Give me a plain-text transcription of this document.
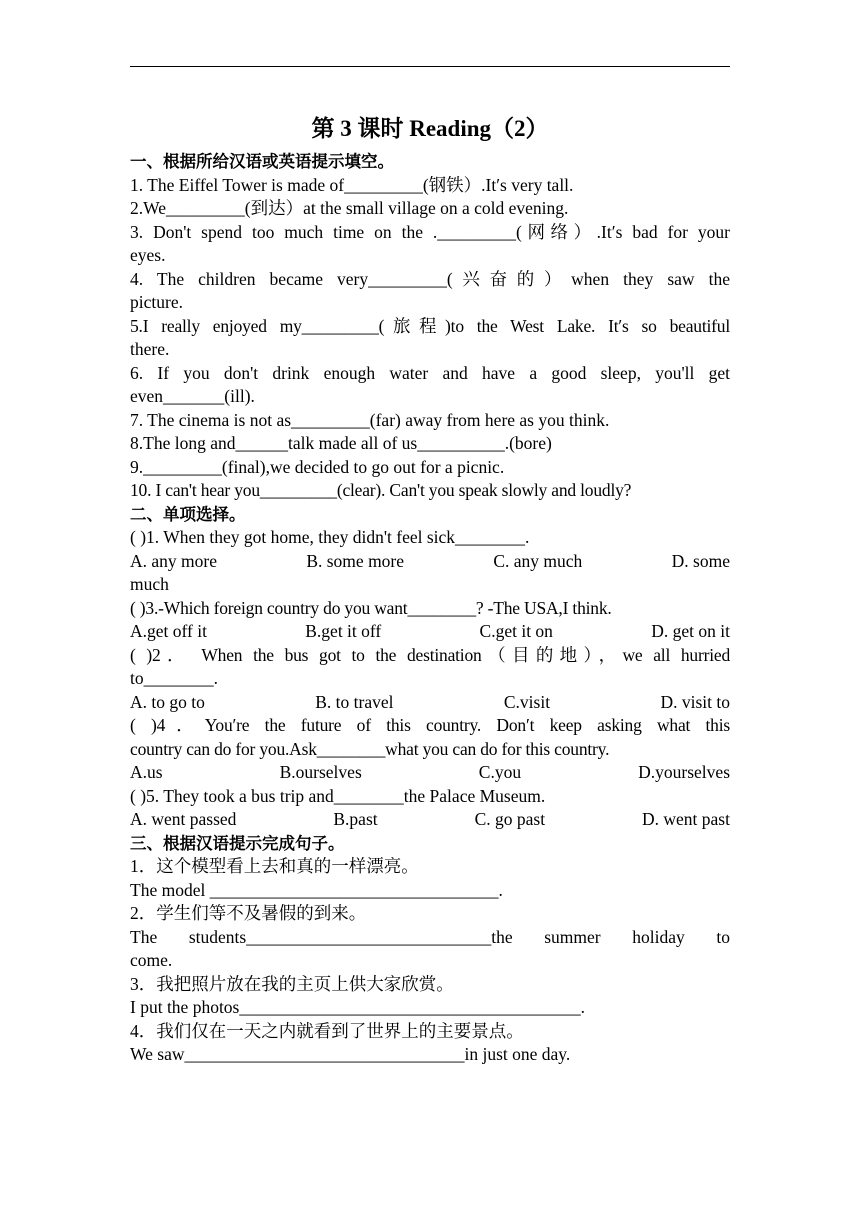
第 3 课时 Reading（2）
一、根据所给汉语或英语提示填空。
1. The Eiffel Tower is made of_________(钢铁）.It′s very tall.
2.We_________(到达）at the small village on a cold evening.
3. Don't spend too much time on the ._________(网络）.It′s bad for your
eyes.
4. The children became very_________(兴奋的）when they saw the
picture.
5.I really enjoyed my_________(旅程)to the West Lake. It′s so beautiful
there.
6. If you don't drink enough water and have a good sleep, you'll get
even_______(ill).
7. The cinema is not as_________(far) away from here as you think.
8.The long and______talk made all of us__________.(bore)
9._________(final),we decided to go out for a picnic.
10. I can't hear you_________(clear). Can't you speak slowly and loudly?
二、单项选择。
( )1. When they got home, they didn't feel sick________.
A. any more	B. some more	C. any much	D. some
much
( )3.-Which foreign country do you want________? -The USA,I think.
A.get off it	B.get it off	C.get it on	D. get on it
( )2． When the bus got to the destination（目的地），we all hurried
to________.
A. to go to	B. to travel	C.visit	D. visit to
( )4．You′re the future of this country. Don′t keep asking what this
country can do for you.Ask________what you can do for this country.
A.us	B.ourselves	C.you	D.yourselves
( )5. They took a bus trip and________the Palace Museum.
A. went passed	B.past	C. go past	D. went past
三、根据汉语提示完成句子。
1．这个模型看上去和真的一样漂亮。
The model _________________________________.
2．学生们等不及暑假的到来。
The students____________________________the summer holiday to
come.
3．我把照片放在我的主页上供大家欣赏。
I put the photos_______________________________________.
4．我们仅在一天之内就看到了世界上的主要景点。
We saw________________________________in just one day.
